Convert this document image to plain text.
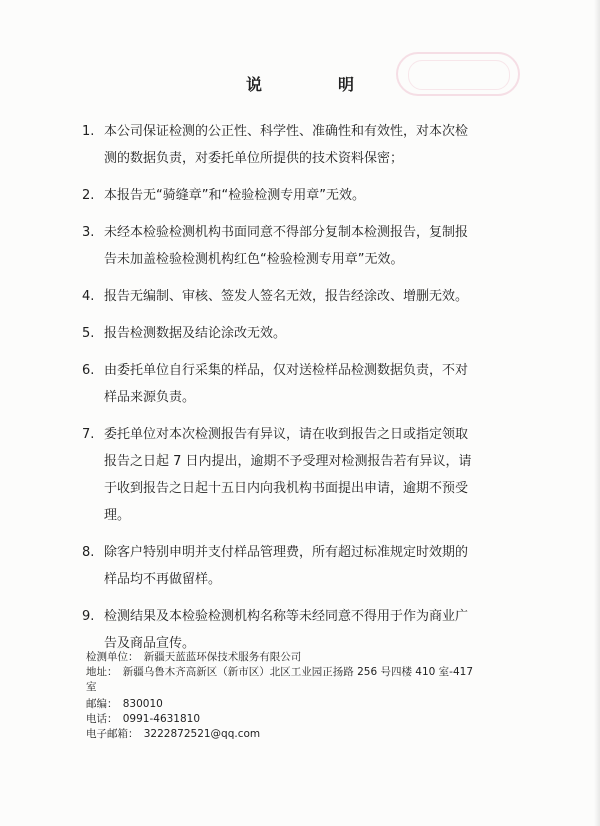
说　明
1. 本公司保证检测的公正性、科学性、准确性和有效性，对本次检
测的数据负责，对委托单位所提供的技术资料保密；
2. 本报告无“骑缝章”和“检验检测专用章”无效。
3. 未经本检验检测机构书面同意不得部分复制本检测报告，复制报
告未加盖检验检测机构红色“检验检测专用章”无效。
4. 报告无编制、审核、签发人签名无效，报告经涂改、增删无效。
5. 报告检测数据及结论涂改无效。
6. 由委托单位自行采集的样品，仅对送检样品检测数据负责，不对
样品来源负责。
7. 委托单位对本次检测报告有异议，请在收到报告之日或指定领取
报告之日起 7 日内提出，逾期不予受理对检测报告若有异议，请
于收到报告之日起十五日内向我机构书面提出申请，逾期不预受
理。
8. 除客户特别申明并支付样品管理费，所有超过标准规定时效期的
样品均不再做留样。
9. 检测结果及本检验检测机构名称等未经同意不得用于作为商业广
告及商品宣传。
检测单位：　新疆天蓝蓝环保技术服务有限公司
地址：　新疆乌鲁木齐高新区（新市区）北区工业园正扬路 256 号四楼 410 室-417
室
邮编：　830010
电话：　0991-4631810
电子邮箱：　3222872521@qq.com
